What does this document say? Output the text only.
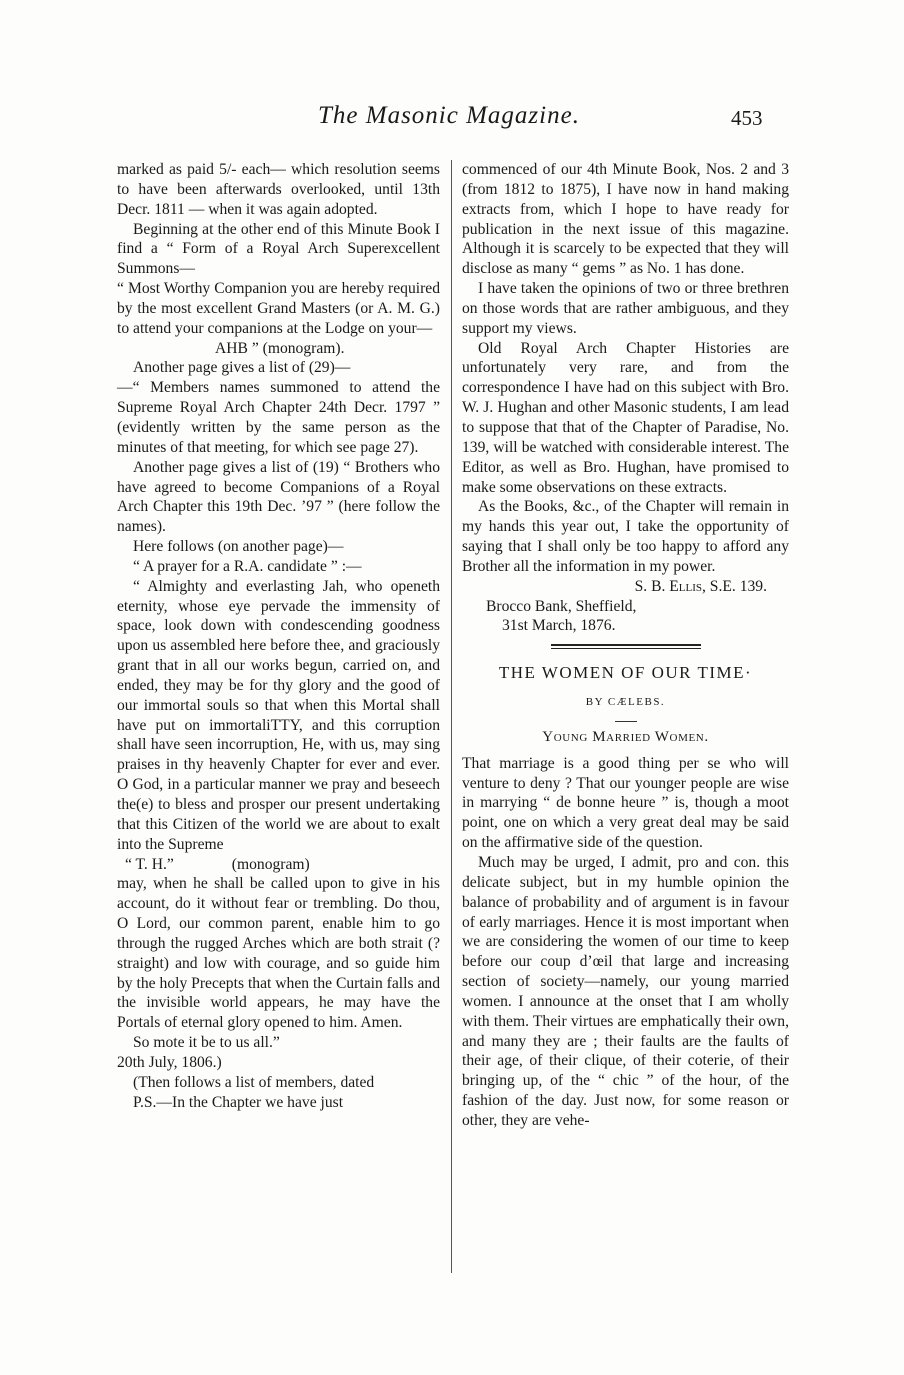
The Masonic Magazine.	453

marked as paid 5/- each— which resolution seems to have been afterwards overlooked, until 13th Decr. 1811 — when it was again adopted.

Beginning at the other end of this Minute Book I find a “ Form of a Royal Arch Superexcellent Summons—

“ Most Worthy Companion you are hereby required by the most excellent Grand Masters (or A. M. G.) to attend your companions at the Lodge on your—

AHB ” (monogram).

Another page gives a list of (29)—

—“ Members names summoned to attend the Supreme Royal Arch Chapter 24th Decr. 1797 ” (evidently written by the same person as the minutes of that meeting, for which see page 27).

Another page gives a list of (19) “ Brothers who have agreed to become Companions of a Royal Arch Chapter this 19th Dec. ’97 ” (here follow the names).

Here follows (on another page)—

“ A prayer for a R.A. candidate ” :—

“ Almighty and everlasting Jah, who openeth eternity, whose eye pervade the immensity of space, look down with condescending goodness upon us assembled here before thee, and graciously grant that in all our works begun, carried on, and ended, they may be for thy glory and the good of our immortal souls so that when this Mortal shall have put on immortaliTTY, and this corruption shall have seen incorruption, He, with us, may sing praises in thy heavenly Chapter for ever and ever. O God, in a particular manner we pray and beseech the(e) to bless and prosper our present undertaking that this Citizen of the world we are about to exalt into the Supreme

“ T. H.”	(monogram)

may, when he shall be called upon to give in his account, do it without fear or trembling. Do thou, O Lord, our common parent, enable him to go through the rugged Arches which are both strait (? straight) and low with courage, and so guide him by the holy Precepts that when the Curtain falls and the invisible world appears, he may have the Portals of eternal glory opened to him. Amen.

So mote it be to us all.”

20th July, 1806.)

(Then follows a list of members, dated

P.S.—In the Chapter we have just

commenced of our 4th Minute Book, Nos. 2 and 3 (from 1812 to 1875), I have now in hand making extracts from, which I hope to have ready for publication in the next issue of this magazine. Although it is scarcely to be expected that they will disclose as many “ gems ” as No. 1 has done.

I have taken the opinions of two or three brethren on those words that are rather ambiguous, and they support my views.

Old Royal Arch Chapter Histories are unfortunately very rare, and from the correspondence I have had on this subject with Bro. W. J. Hughan and other Masonic students, I am lead to suppose that that of the Chapter of Paradise, No. 139, will be watched with considerable interest. The Editor, as well as Bro. Hughan, have promised to make some observations on these extracts.

As the Books, &c., of the Chapter will remain in my hands this year out, I take the opportunity of saying that I shall only be too happy to afford any Brother all the information in my power.

S. B. Ellis, S.E. 139.

Brocco Bank, Sheffield,

31st March, 1876.

THE WOMEN OF OUR TIME·

BY CÆLEBS.

Young Married Women.

That marriage is a good thing per se who will venture to deny ? That our younger people are wise in marrying “ de bonne heure ” is, though a moot point, one on which a very great deal may be said on the affirmative side of the question.

Much may be urged, I admit, pro and con. this delicate subject, but in my humble opinion the balance of probability and of argument is in favour of early marriages. Hence it is most important when we are considering the women of our time to keep before our coup d’œil that large and increasing section of society—namely, our young married women. I announce at the onset that I am wholly with them. Their virtues are emphatically their own, and many they are ; their faults are the faults of their age, of their clique, of their coterie, of their bringing up, of the “ chic ” of the hour, of the fashion of the day. Just now, for some reason or other, they are vehe-
